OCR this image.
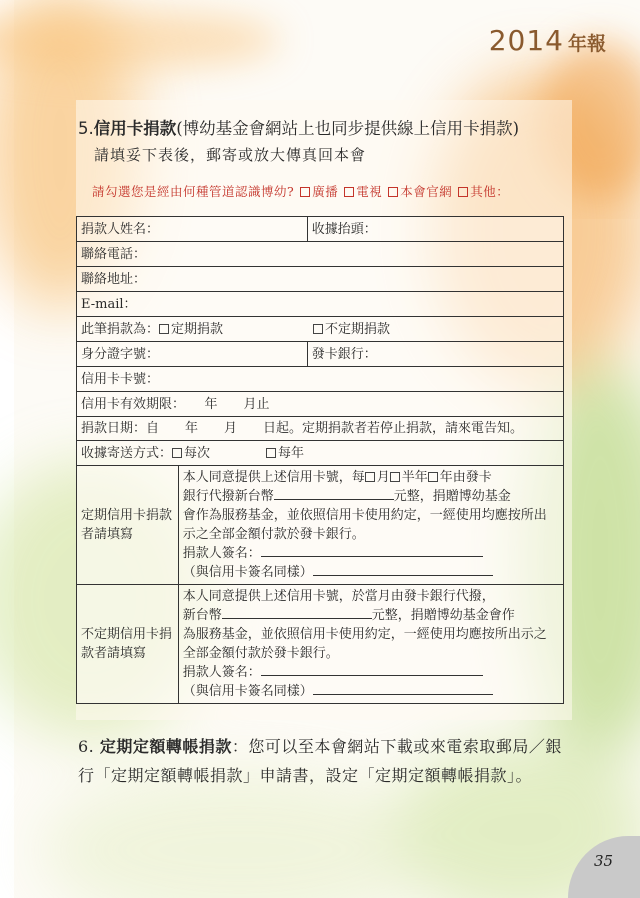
2014 年報

5.信用卡捐款(博幼基金會網站上也同步提供線上信用卡捐款)

請填妥下表後，郵寄或放大傳真回本會

請勾選您是經由何種管道認識博幼? 廣播 電視 本會官網 其他：
捐款人姓名：		收據抬頭：
聯絡電話：		
聯絡地址：		
E-mail：		
此筆捐款為： 定期捐款 不定期捐款		
身分證字號：		發卡銀行：
信用卡卡號：		
信用卡有效期限：　　年　　月止		
捐款日期：自　　年　　月　　日起。定期捐款者若停止捐款，請來電告知。		
收據寄送方式： 每次 每年		
定期信用卡捐款者請填寫	本人同意提供上述信用卡號，每 月 半年 年由發卡
銀行代撥新台幣 元整，捐贈博幼基金
會作為服務基金，並依照信用卡使用約定，一經使用均應按所出示之全部金額付款於發卡銀行。
捐款人簽名：
（與信用卡簽名同樣）	
不定期信用卡捐款者請填寫	本人同意提供上述信用卡號，於當月由發卡銀行代撥，
新台幣 元整，捐贈博幼基金會作
為服務基金，並依照信用卡使用約定，一經使用均應按所出示之全部金額付款於發卡銀行。
捐款人簽名：
（與信用卡簽名同樣）	

6. 定期定額轉帳捐款：您可以至本會網站下載或來電索取郵局／銀行「定期定額轉帳捐款」申請書，設定「定期定額轉帳捐款」。

35
